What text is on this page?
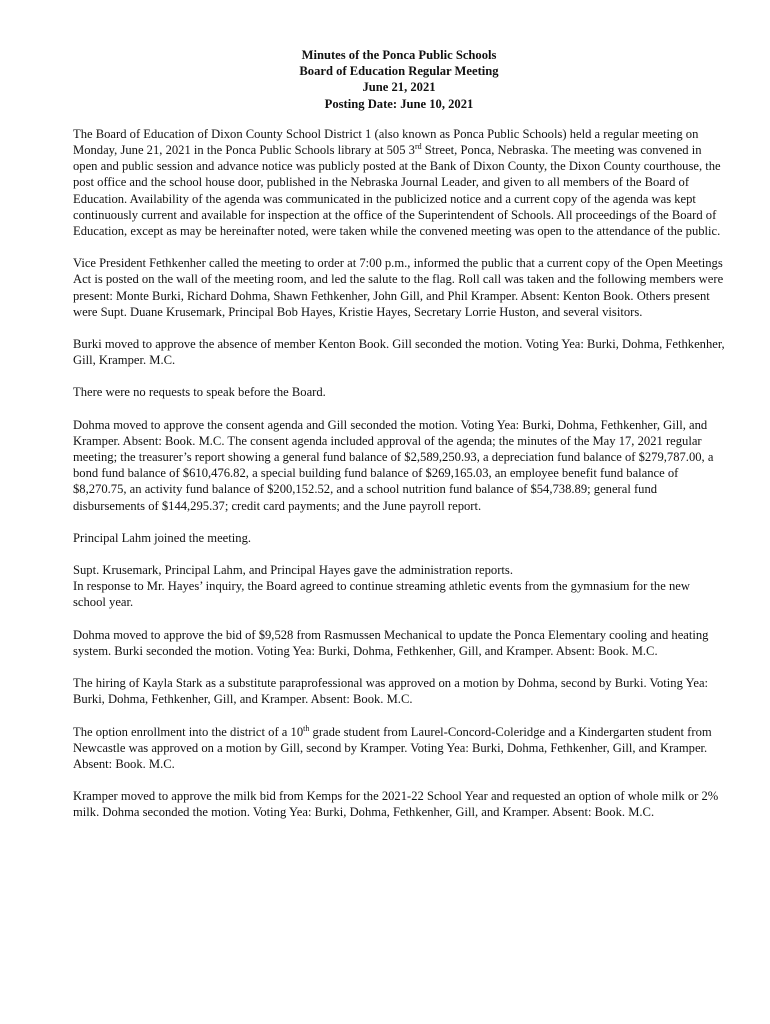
Minutes of the Ponca Public Schools
Board of Education Regular Meeting
June 21, 2021
Posting Date: June 10, 2021

The Board of Education of Dixon County School District 1 (also known as Ponca Public Schools) held a regular meeting on Monday, June 21, 2021 in the Ponca Public Schools library at 505 3rd Street, Ponca, Nebraska. The meeting was convened in open and public session and advance notice was publicly posted at the Bank of Dixon County, the Dixon County courthouse, the post office and the school house door, published in the Nebraska Journal Leader, and given to all members of the Board of Education. Availability of the agenda was communicated in the publicized notice and a current copy of the agenda was kept continuously current and available for inspection at the office of the Superintendent of Schools. All proceedings of the Board of Education, except as may be hereinafter noted, were taken while the convened meeting was open to the attendance of the public.

Vice President Fethkenher called the meeting to order at 7:00 p.m., informed the public that a current copy of the Open Meetings Act is posted on the wall of the meeting room, and led the salute to the flag. Roll call was taken and the following members were present: Monte Burki, Richard Dohma, Shawn Fethkenher, John Gill, and Phil Kramper. Absent: Kenton Book. Others present were Supt. Duane Krusemark, Principal Bob Hayes, Kristie Hayes, Secretary Lorrie Huston, and several visitors.

Burki moved to approve the absence of member Kenton Book. Gill seconded the motion. Voting Yea: Burki, Dohma, Fethkenher, Gill, Kramper. M.C.

There were no requests to speak before the Board.

Dohma moved to approve the consent agenda and Gill seconded the motion. Voting Yea: Burki, Dohma, Fethkenher, Gill, and Kramper. Absent: Book. M.C. The consent agenda included approval of the agenda; the minutes of the May 17, 2021 regular meeting; the treasurer’s report showing a general fund balance of $2,589,250.93, a depreciation fund balance of $279,787.00, a bond fund balance of $610,476.82, a special building fund balance of $269,165.03, an employee benefit fund balance of $8,270.75, an activity fund balance of $200,152.52, and a school nutrition fund balance of $54,738.89; general fund disbursements of $144,295.37; credit card payments; and the June payroll report.

Principal Lahm joined the meeting.

Supt. Krusemark, Principal Lahm, and Principal Hayes gave the administration reports.

In response to Mr. Hayes’ inquiry, the Board agreed to continue streaming athletic events from the gymnasium for the new school year.

Dohma moved to approve the bid of $9,528 from Rasmussen Mechanical to update the Ponca Elementary cooling and heating system. Burki seconded the motion. Voting Yea: Burki, Dohma, Fethkenher, Gill, and Kramper. Absent: Book. M.C.

The hiring of Kayla Stark as a substitute paraprofessional was approved on a motion by Dohma, second by Burki. Voting Yea: Burki, Dohma, Fethkenher, Gill, and Kramper. Absent: Book. M.C.

The option enrollment into the district of a 10th grade student from Laurel-Concord-Coleridge and a Kindergarten student from Newcastle was approved on a motion by Gill, second by Kramper. Voting Yea: Burki, Dohma, Fethkenher, Gill, and Kramper. Absent: Book. M.C.

Kramper moved to approve the milk bid from Kemps for the 2021-22 School Year and requested an option of whole milk or 2% milk. Dohma seconded the motion. Voting Yea: Burki, Dohma, Fethkenher, Gill, and Kramper. Absent: Book. M.C.
